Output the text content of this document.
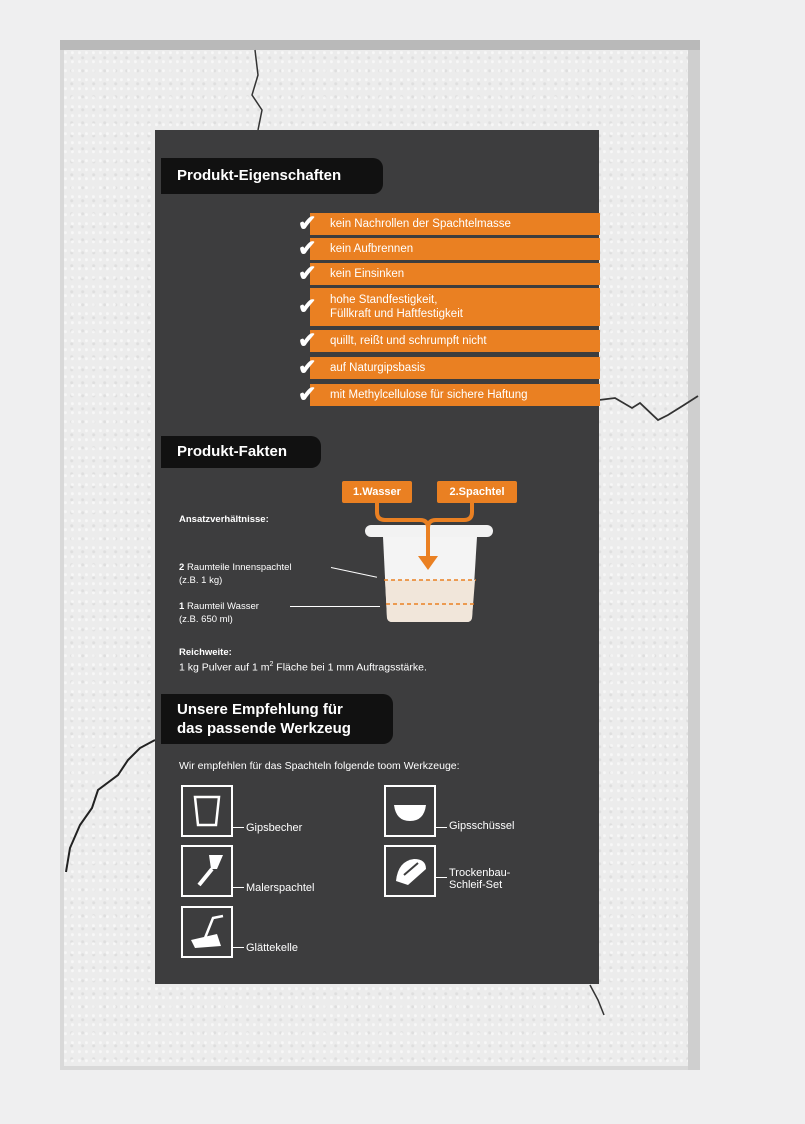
Produkt-Eigenschaften
✔ kein Nachrollen der Spachtelmasse
✔ kein Aufbrennen
✔ kein Einsinken
✔ hohe Standfestigkeit,
Füllkraft und Haftfestigkeit
✔ quillt, reißt und schrumpft nicht
✔ auf Naturgipsbasis
✔ mit Methylcellulose für sichere Haftung
Produkt-Fakten
Ansatzverhältnisse:
1.Wasser	2.Spachtel
2 Raumteile Innenspachtel
(z.B. 1 kg)
1 Raumteil Wasser
(z.B. 650 ml)
Reichweite:
1 kg Pulver auf 1 $m^2$ Fläche bei 1 mm Auftragsstärke.
Unsere Empfehlung für
das passende Werkzeug
Wir empfehlen für das Spachteln folgende toom Werkzeuge:
Gipsbecher	Gipsschüssel
Malerspachtel
Trockenbau-
Schleif-Set
Glättekelle
